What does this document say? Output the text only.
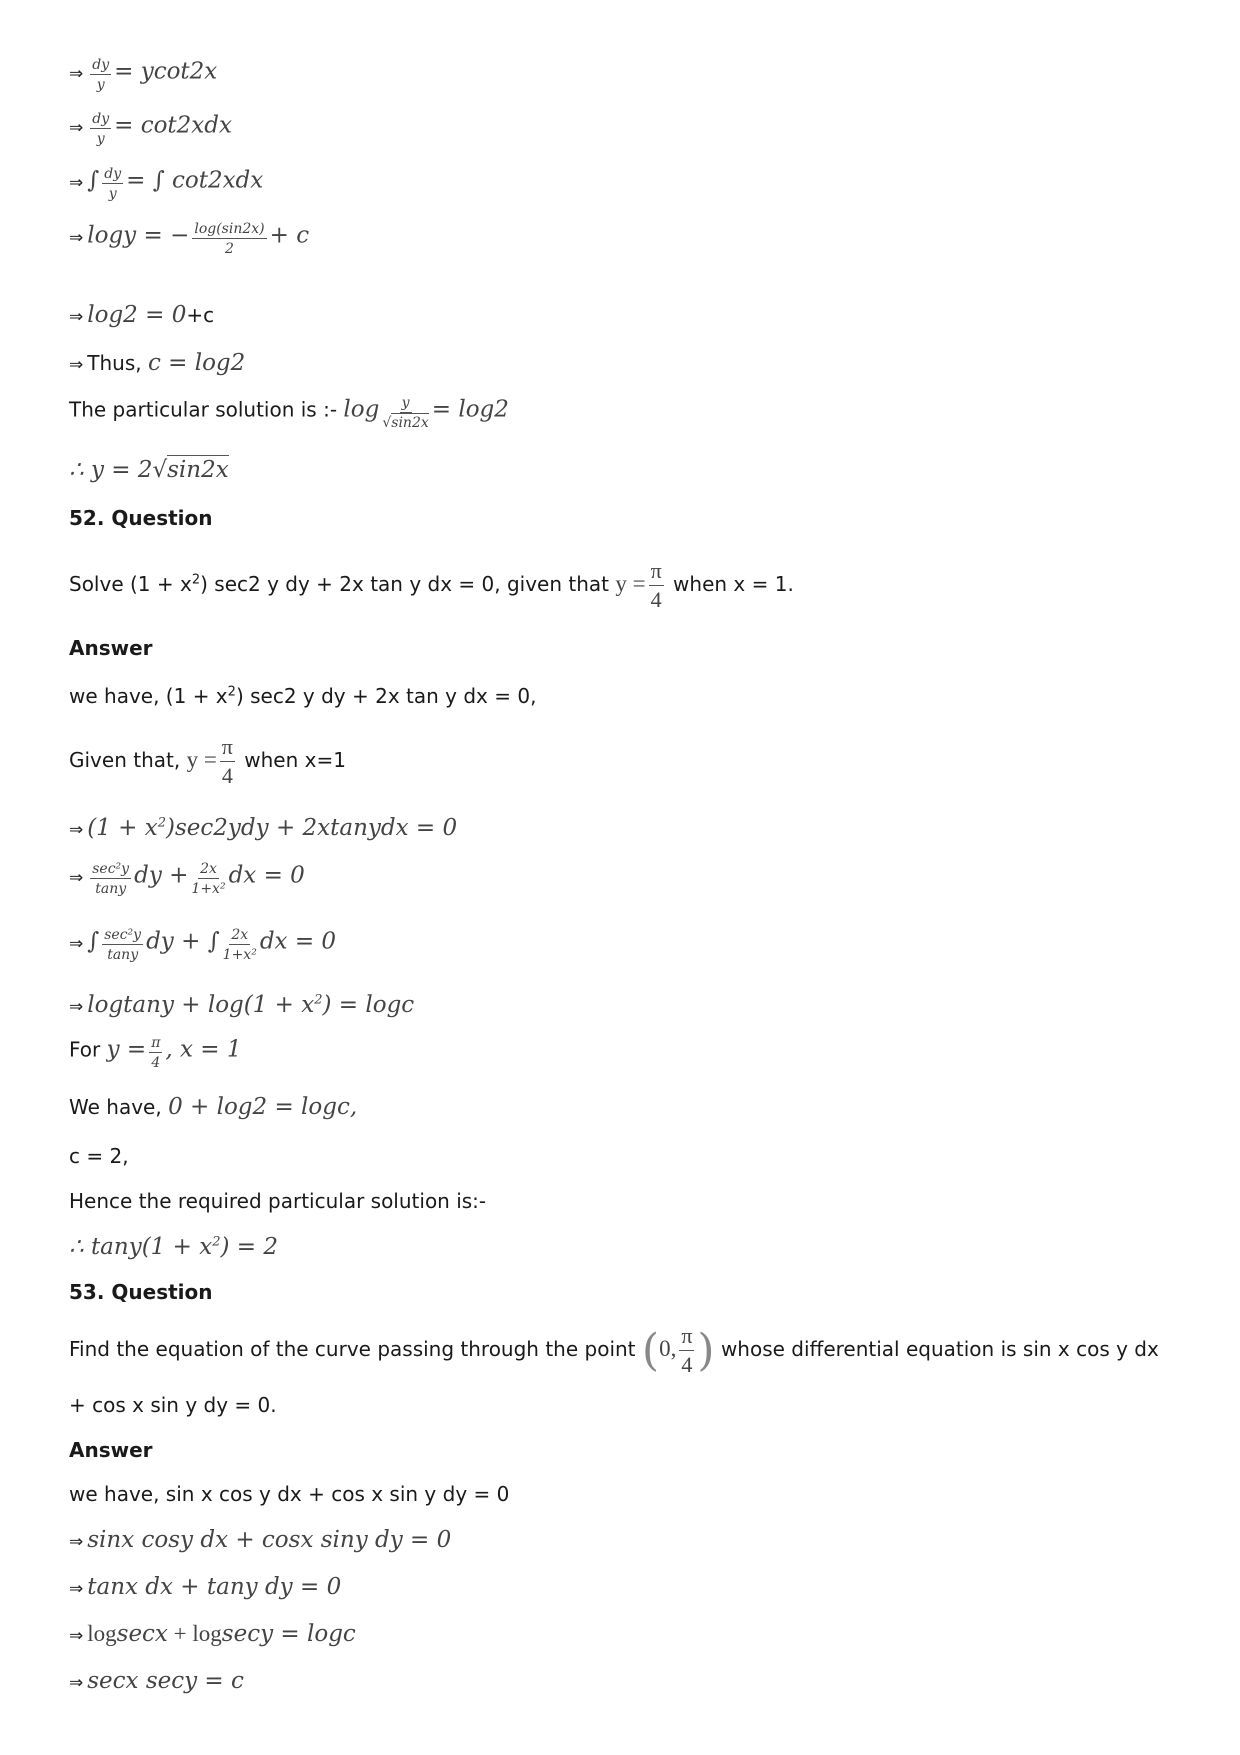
⇒ $\frac{dy}{y} = ycot2x$
⇒ $\frac{dy}{y} = \cot 2xdx$
⇒ ∫ $\frac{dy}{y}$ = ∫ cot2xdx
⇒ logy = − $\frac{\log(\sin 2x)}{2} + c$
⇒ log2 = 0+c
⇒ Thus, c = log2
The particular solution is :- $\log \frac{y}{√\sin 2x} = \log 2$
∴ y = 2√sin2x
52. Question
Solve $(1 + x^2)$ sec2 y dy + 2x tan y dx = 0, given that $y = \frac{\pi}{4}$ when x = 1.
Answer
we have, $(1 + x^2)$ sec2 y dy + 2x tan y dx = 0,
Given that, $y = \frac{\pi}{4}$ when x=1
⇒ $(1 + x^2)\sec 2ydy$ + 2xtanydx = 0
⇒ $\frac{\text{sec²y}}{\tan y}$ dy + $\frac{2x}{\text{1+x²}}$ dx = 0
⇒ ∫ $\frac{\text{sec²y}}{\tan y}$ dy + ∫ $\frac{2x}{\text{1+x²}}$ dx = 0
⇒ $logtany + \log(1 + x^2) = \log c$
For $y = \frac{\pi}{4}$ , x = 1
We have, 0 + log2 = logc,
c = 2,
Hence the required particular solution is:-
∴ $\tan y(1 + x^2) = 2$
53. Question
Find the equation of the curve passing through the point (0, $\frac{\pi}{4}$ ) whose differential equation is sin x cos y dx
+ cos x sin y dy = 0.
Answer
we have, sin x cos y dx + cos x sin y dy = 0
⇒ sinx cosy dx + cosx siny dy = 0
⇒ tanx dx + tany dy = 0
⇒ logsecx + logsecy = logc
⇒ secx secy = c
